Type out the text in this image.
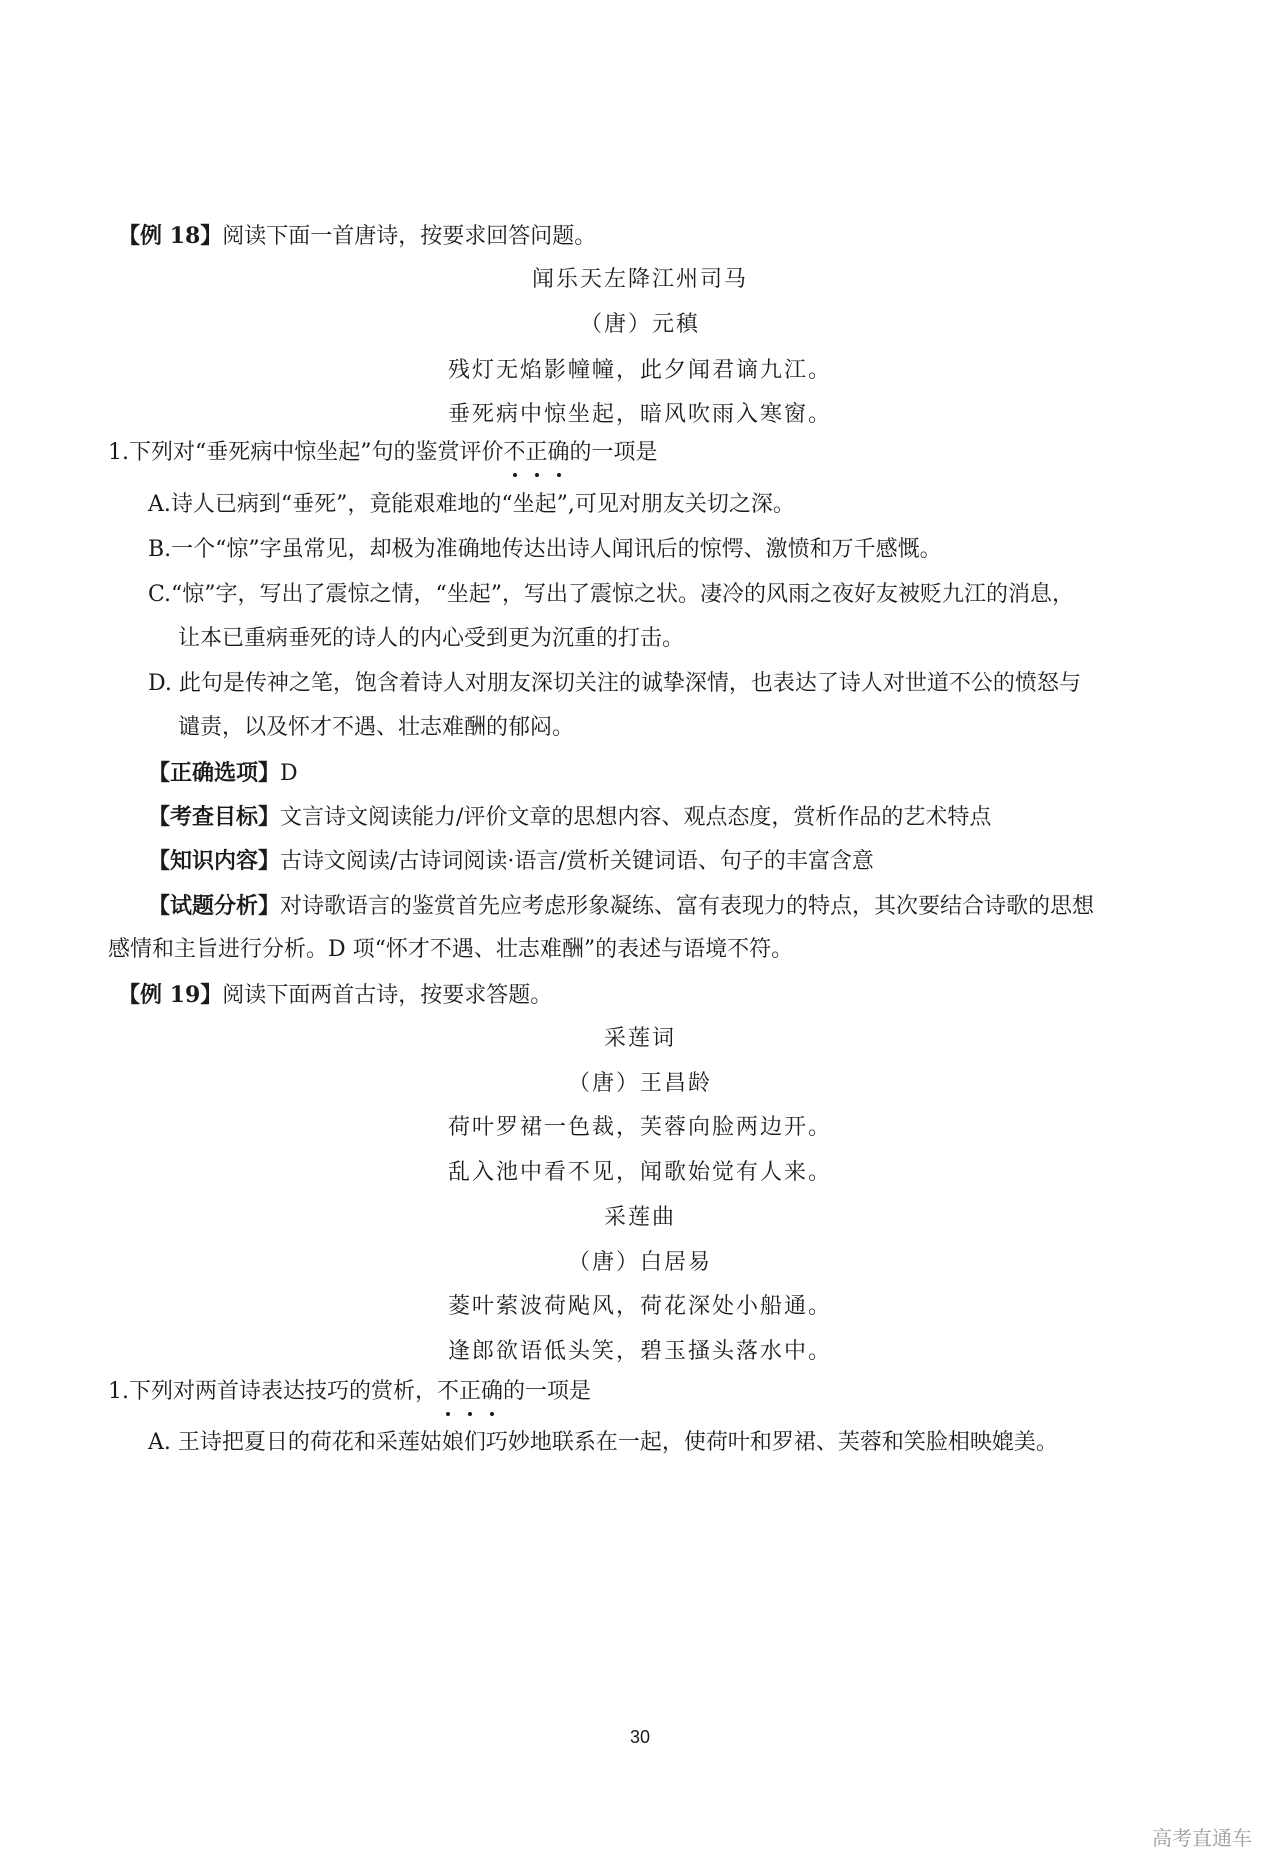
【例 18】阅读下面一首唐诗，按要求回答问题。

闻乐天左降江州司马

（唐）元稹

残灯无焰影幢幢，此夕闻君谪九江。

垂死病中惊坐起，暗风吹雨入寒窗。

1.下列对“垂死病中惊坐起”句的鉴赏评价不正确的一项是

A.诗人已病到“垂死”，竟能艰难地的“坐起”,可见对朋友关切之深。

B.一个“惊”字虽常见，却极为准确地传达出诗人闻讯后的惊愕、激愤和万千感慨。

C.“惊”字，写出了震惊之情，“坐起”，写出了震惊之状。凄冷的风雨之夜好友被贬九江的消息，

让本已重病垂死的诗人的内心受到更为沉重的打击。

D. 此句是传神之笔，饱含着诗人对朋友深切关注的诚挚深情，也表达了诗人对世道不公的愤怒与

谴责，以及怀才不遇、壮志难酬的郁闷。

【正确选项】D

【考查目标】文言诗文阅读能力/评价文章的思想内容、观点态度，赏析作品的艺术特点

【知识内容】古诗文阅读/古诗词阅读·语言/赏析关键词语、句子的丰富含意

【试题分析】对诗歌语言的鉴赏首先应考虑形象凝练、富有表现力的特点，其次要结合诗歌的思想

感情和主旨进行分析。D 项“怀才不遇、壮志难酬”的表述与语境不符。

【例 19】阅读下面两首古诗，按要求答题。

采莲词

（唐）王昌龄

荷叶罗裙一色裁，芙蓉向脸两边开。

乱入池中看不见，闻歌始觉有人来。

采莲曲

（唐）白居易

菱叶萦波荷飐风，荷花深处小船通。

逢郎欲语低头笑，碧玉搔头落水中。

1.下列对两首诗表达技巧的赏析，不正确的一项是

A. 王诗把夏日的荷花和采莲姑娘们巧妙地联系在一起，使荷叶和罗裙、芙蓉和笑脸相映媲美。

30
高考直通车
